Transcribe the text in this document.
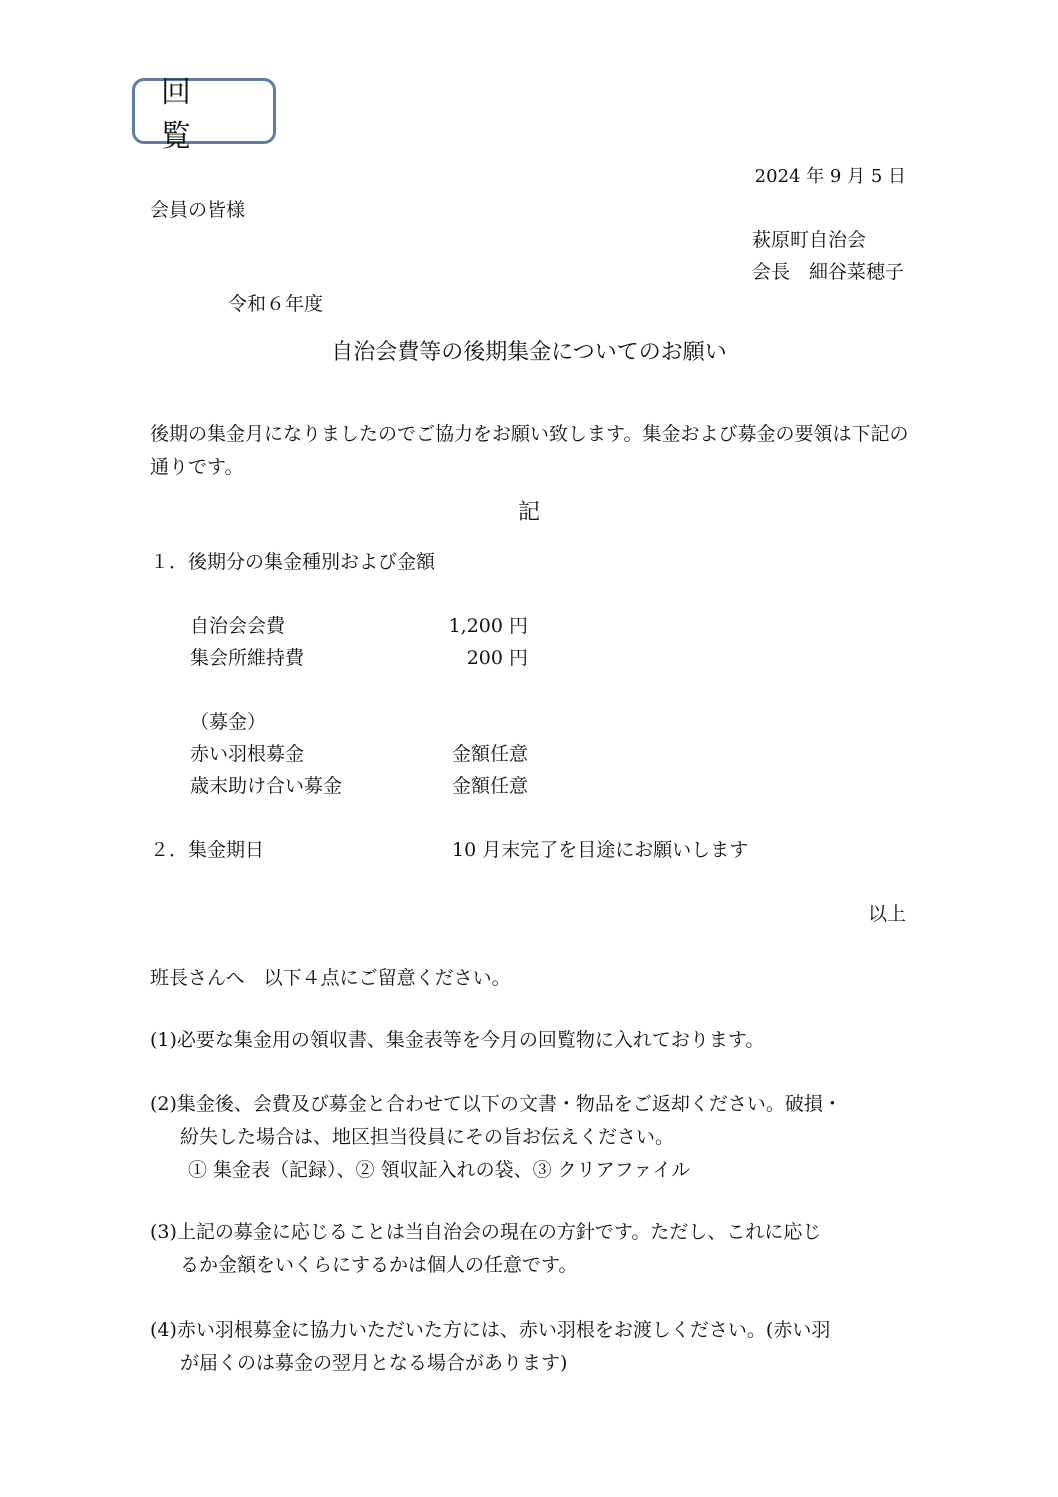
回　覧
2024 年 9 月 5 日
会員の皆様
萩原町自治会
会長　細谷菜穂子
令和６年度
自治会費等の後期集金についてのお願い
後期の集金月になりましたのでご協力をお願い致します。集金および募金の要領は下記の通りです。
記
１．後期分の集金種別および金額
自治会会費	1,200 円
集会所維持費	200 円
（募金）
赤い羽根募金	金額任意
歳末助け合い募金	金額任意
２．集金期日	10 月末完了を目途にお願いします
以上
班長さんへ　以下４点にご留意ください。
(1)必要な集金用の領収書、集金表等を今月の回覧物に入れております。
(2)集金後、会費及び募金と合わせて以下の文書・物品をご返却ください。破損・
紛失した場合は、地区担当役員にその旨お伝えください。
① 集金表（記録）、② 領収証入れの袋、③ クリアファイル
(3)上記の募金に応じることは当自治会の現在の方針です。ただし、これに応じ
るか金額をいくらにするかは個人の任意です。
(4)赤い羽根募金に協力いただいた方には、赤い羽根をお渡しください。(赤い羽
が届くのは募金の翌月となる場合があります)
